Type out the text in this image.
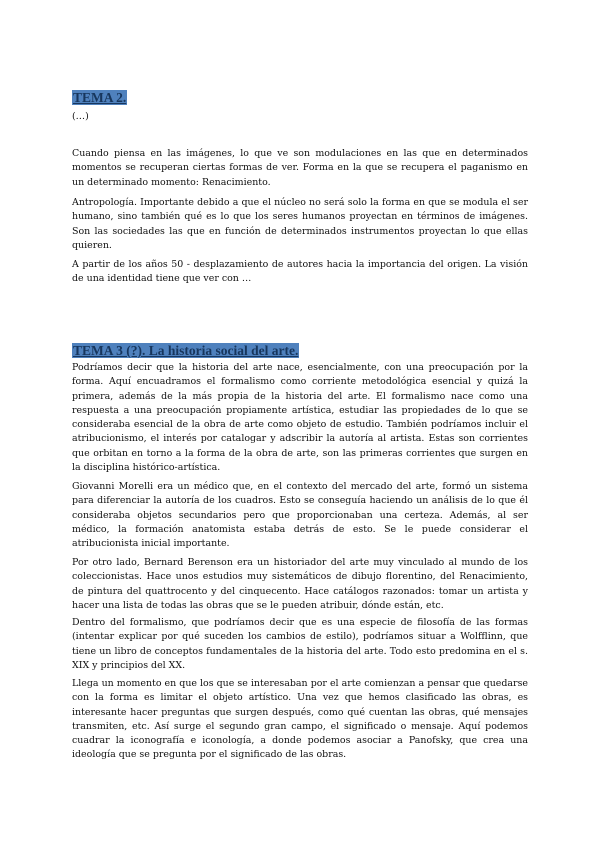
TEMA 2.

(…)

Cuando piensa en las imágenes, lo que ve son modulaciones en las que en determinados momentos se recuperan ciertas formas de ver. Forma en la que se recupera el paganismo en un determinado momento: Renacimiento.

Antropología. Importante debido a que el núcleo no será solo la forma en que se modula el ser humano, sino también qué es lo que los seres humanos proyectan en términos de imágenes. Son las sociedades las que en función de determinados instrumentos proyectan lo que ellas quieren.

A partir de los años 50 - desplazamiento de autores hacia la importancia del origen. La visión de una identidad tiene que ver con …

TEMA 3 (?). La historia social del arte.

Podríamos decir que la historia del arte nace, esencialmente, con una preocupación por la forma. Aquí encuadramos el formalismo como corriente metodológica esencial y quizá la primera, además de la más propia de la historia del arte. El formalismo nace como una respuesta a una preocupación propiamente artística, estudiar las propiedades de lo que se consideraba esencial de la obra de arte como objeto de estudio. También podríamos incluir el atribucionismo, el interés por catalogar y adscribir la autoría al artista. Estas son corrientes que orbitan en torno a la forma de la obra de arte, son las primeras corrientes que surgen en la disciplina histórico-artística.

Giovanni Morelli era un médico que, en el contexto del mercado del arte, formó un sistema para diferenciar la autoría de los cuadros. Esto se conseguía haciendo un análisis de lo que él consideraba objetos secundarios pero que proporcionaban una certeza. Además, al ser médico, la formación anatomista estaba detrás de esto. Se le puede considerar el atribucionista inicial importante.

Por otro lado, Bernard Berenson era un historiador del arte muy vinculado al mundo de los coleccionistas. Hace unos estudios muy sistemáticos de dibujo florentino, del Renacimiento, de pintura del quattrocento y del cinquecento. Hace catálogos razonados: tomar un artista y hacer una lista de todas las obras que se le pueden atribuir, dónde están, etc.

Dentro del formalismo, que podríamos decir que es una especie de filosofía de las formas (intentar explicar por qué suceden los cambios de estilo), podríamos situar a Wolfflinn, que tiene un libro de conceptos fundamentales de la historia del arte. Todo esto predomina en el s. XIX y principios del XX.

Llega un momento en que los que se interesaban por el arte comienzan a pensar que quedarse con la forma es limitar el objeto artístico. Una vez que hemos clasificado las obras, es interesante hacer preguntas que surgen después, como qué cuentan las obras, qué mensajes transmiten, etc. Así surge el segundo gran campo, el significado o mensaje. Aquí podemos cuadrar la iconografía e iconología, a donde podemos asociar a Panofsky, que crea una ideología que se pregunta por el significado de las obras.
